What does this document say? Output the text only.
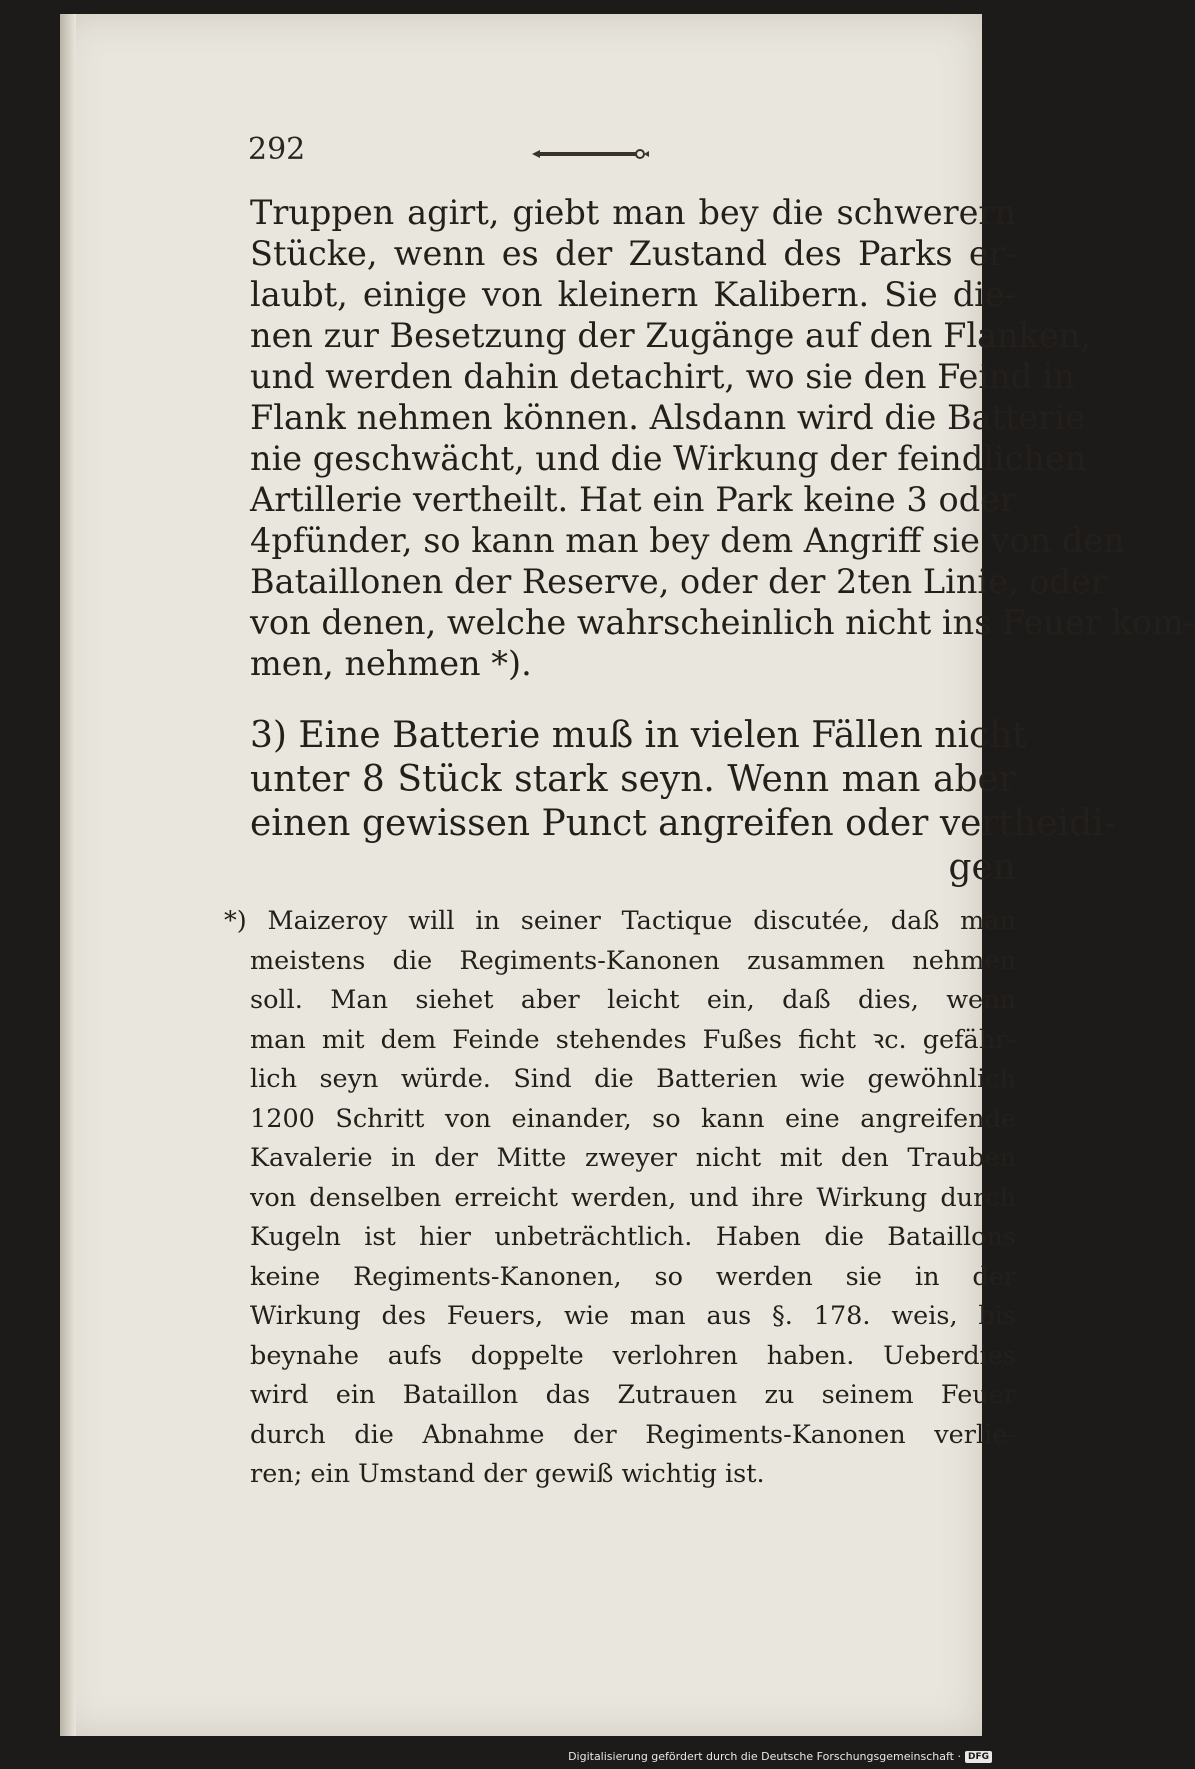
292
Truppen agirt, giebt man bey die schwerern
Stücke, wenn es der Zustand des Parks er-
laubt, einige von kleinern Kalibern. Sie die-
nen zur Besetzung der Zugänge auf den Flanken,
und werden dahin detachirt, wo sie den Feind in
Flank nehmen können. Alsdann wird die Batterie
nie geschwächt, und die Wirkung der feindlichen
Artillerie vertheilt. Hat ein Park keine 3 oder
4pfünder, so kann man bey dem Angriff sie von den
Bataillonen der Reserve, oder der 2ten Linie, oder
von denen, welche wahrscheinlich nicht ins Feuer kom-
men, nehmen *).
3) Eine Batterie muß in vielen Fällen nicht
unter 8 Stück stark seyn. Wenn man aber
einen gewissen Punct angreifen oder vertheidi-
gen
*) Maizeroy will in seiner Tactique discutée, daß man
meistens die Regiments-Kanonen zusammen nehmen
soll. Man siehet aber leicht ein, daß dies, wenn
man mit dem Feinde stehendes Fußes ficht ꝛc. gefähr-
lich seyn würde. Sind die Batterien wie gewöhnlich
1200 Schritt von einander, so kann eine angreifende
Kavalerie in der Mitte zweyer nicht mit den Trauben
von denselben erreicht werden, und ihre Wirkung durch
Kugeln ist hier unbeträchtlich. Haben die Bataillons
keine Regiments-Kanonen, so werden sie in der
Wirkung des Feuers, wie man aus §. 178. weis, bis
beynahe aufs doppelte verlohren haben. Ueberdies
wird ein Bataillon das Zutrauen zu seinem Feuer
durch die Abnahme der Regiments-Kanonen verlie-
ren; ein Umstand der gewiß wichtig ist.
Digitalisierung gefördert durch die Deutsche Forschungsgemeinschaft · DFG
